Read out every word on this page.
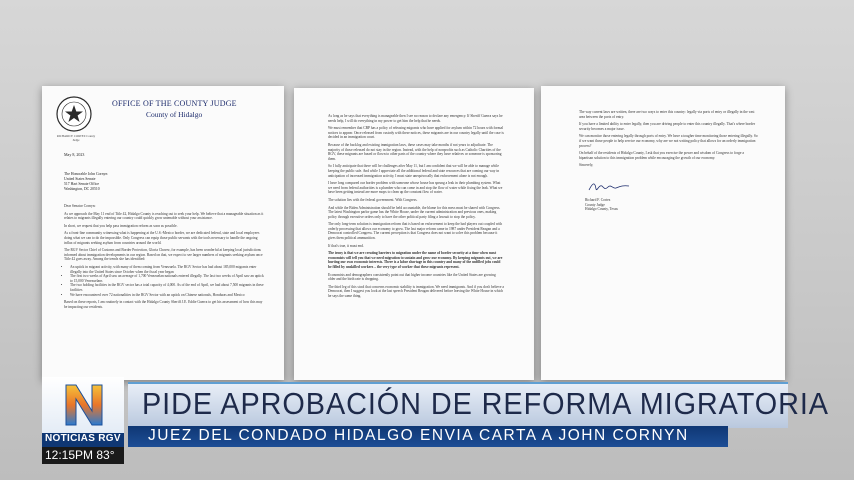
RICHARD F. CORTEZ County Judge
OFFICE OF THE COUNTY JUDGE
County of Hidalgo
May 8, 2023
The Honorable John Cornyn
United States Senate
517 Hart Senate Office
Washington, DC 20510

Dear Senator Cornyn:

As we approach the May 11 end of Title 42, Hidalgo County is reaching out to seek your help. We believe that a manageable situation as it relates to migrants illegally entering our country could quickly grow untenable without your assistance.

In short, we request that you help pass immigration reform as soon as possible.

As a front-line community witnessing what is happening at the U.S.-Mexico border, we are dedicated federal, state and local employees doing what we can to do the impossible. Only Congress can equip those public servants with the tools necessary to handle the ongoing influx of migrants seeking asylum from countries around the world.

The RGV Sector Chief of Customs and Border Protection, Gloria Chavez, for example, has been wonderful at keeping local jurisdictions informed about immigration developments in our region. Based on that, we expect to see larger numbers of migrants seeking asylum once Title 42 goes away. Among the trends she has identified:

• An uptick in migrant activity, with many of them coming from Venezuela. The RGV Sector has had about 185,000 migrants enter illegally into the United States since October when the fiscal year began
• The first two weeks of April saw an average of 1,700 Venezuelan nationals entered illegally. The last two weeks of April saw an uptick to 15,000 Venezuelans
• The two holding facilities in the RGV sector has a total capacity of 4,000. As of the end of April, we had about 7,500 migrants in these facilities
• We have encountered over 72 nationalities in the RGV Sector with an uptick on Chinese nationals, Honduras and Mexico

Based on these reports, I am routinely in contact with the Hidalgo County Sheriff J.E. Eddie Guerra to get his assessment of how this may be impacting our residents.

As long as he says that everything is manageable then I see no reason to declare any emergency. If Sheriff Guerra says he needs help, I will do everything in my power to get him the help that he needs.

We must remember that CBP has a policy of releasing migrants who have applied for asylum within 72 hours with formal notices to appear. Once released from custody with these notices, these migrants are in our country legally until the case is decided in an immigration court.

Because of the backlog and existing immigration laws, these cases may take months if not years to adjudicate. The majority of those released do not stay in the region. Instead, with the help of nonprofits such as Catholic Charities of the RGV, these migrants are bused or flown to other parts of the country where they have relatives or someone is sponsoring them.

So I fully anticipate that there will be challenges after May 11, but I am confident that we will be able to manage while keeping the public safe. And while I appreciate all the additional federal and state resources that are coming our way in anticipation of increased immigration activity, I must state unequivocally that enforcement alone is not enough.

I have long compared our border problem with someone whose house has sprung a leak in their plumbing system. What we need from federal authorities is a plumber who can come in and stop the flow of water while fixing the leak. What we have been getting instead are more mops to clean up the constant flow of water.

The solution lies with the federal government. With Congress.

And while the Biden Administration should be held accountable, the blame for this mess must be shared with Congress. The latest Washington parlor game has the White House, under the current administration and previous ones, making policy through executive orders only to have the other political party filing a lawsuit to stop the policy.

The only long-term solution is immigration reform that is based on enforcement to keep the bad players out coupled with orderly processing that allows our economy to grow. The last major reform came in 1987 under President Reagan and a Democrat controlled Congress. The current perception is that Congress does not want to solve this problem because it gives them political ammunition.

If that's true, it must end.

The irony is that we are creating barriers to migration under the name of border security at a time when most economists will tell you that we need migration to sustain and grow our economy. By keeping migrants out, we are hurting our own economic interests. There is a labor shortage in this country and many of the unfilled jobs could be filled by unskilled workers – the very type of worker that these migrants represent.

Economists and demographers consistently point out that higher income countries like the United States are growing older and the birth rate is dropping.

The third leg of this stool that concerns economic stability is immigration. We need immigrants. And if you don't believe a Democrat, then I suggest you look at the last speech President Reagan delivered before leaving the White House in which he says the same thing.

The way current laws are written, there are two ways to enter this country: legally via ports of entry or illegally in the vast area between the ports of entry.

If you have a limited ability to enter legally, then you are driving people to enter this country illegally. That's where border security becomes a major issue.

We can monitor those entering legally through ports of entry. We have a tougher time monitoring those entering illegally. So if we want those people to help service our economy, why are we not writing policy that allows for an orderly immigration process?

On behalf of the residents of Hidalgo County, I ask that you exercise the power and wisdom of Congress to forge a bipartisan solution to this immigration problem while encouraging the growth of our economy.

Sincerely,

Richard F. Cortez
County Judge
Hidalgo County, Texas
PIDE APROBACIÓN DE REFORMA MIGRATORIA
JUEZ DEL CONDADO HIDALGO ENVIA CARTA A JOHN CORNYN
NOTICIAS RGV
12:15PM 83°
